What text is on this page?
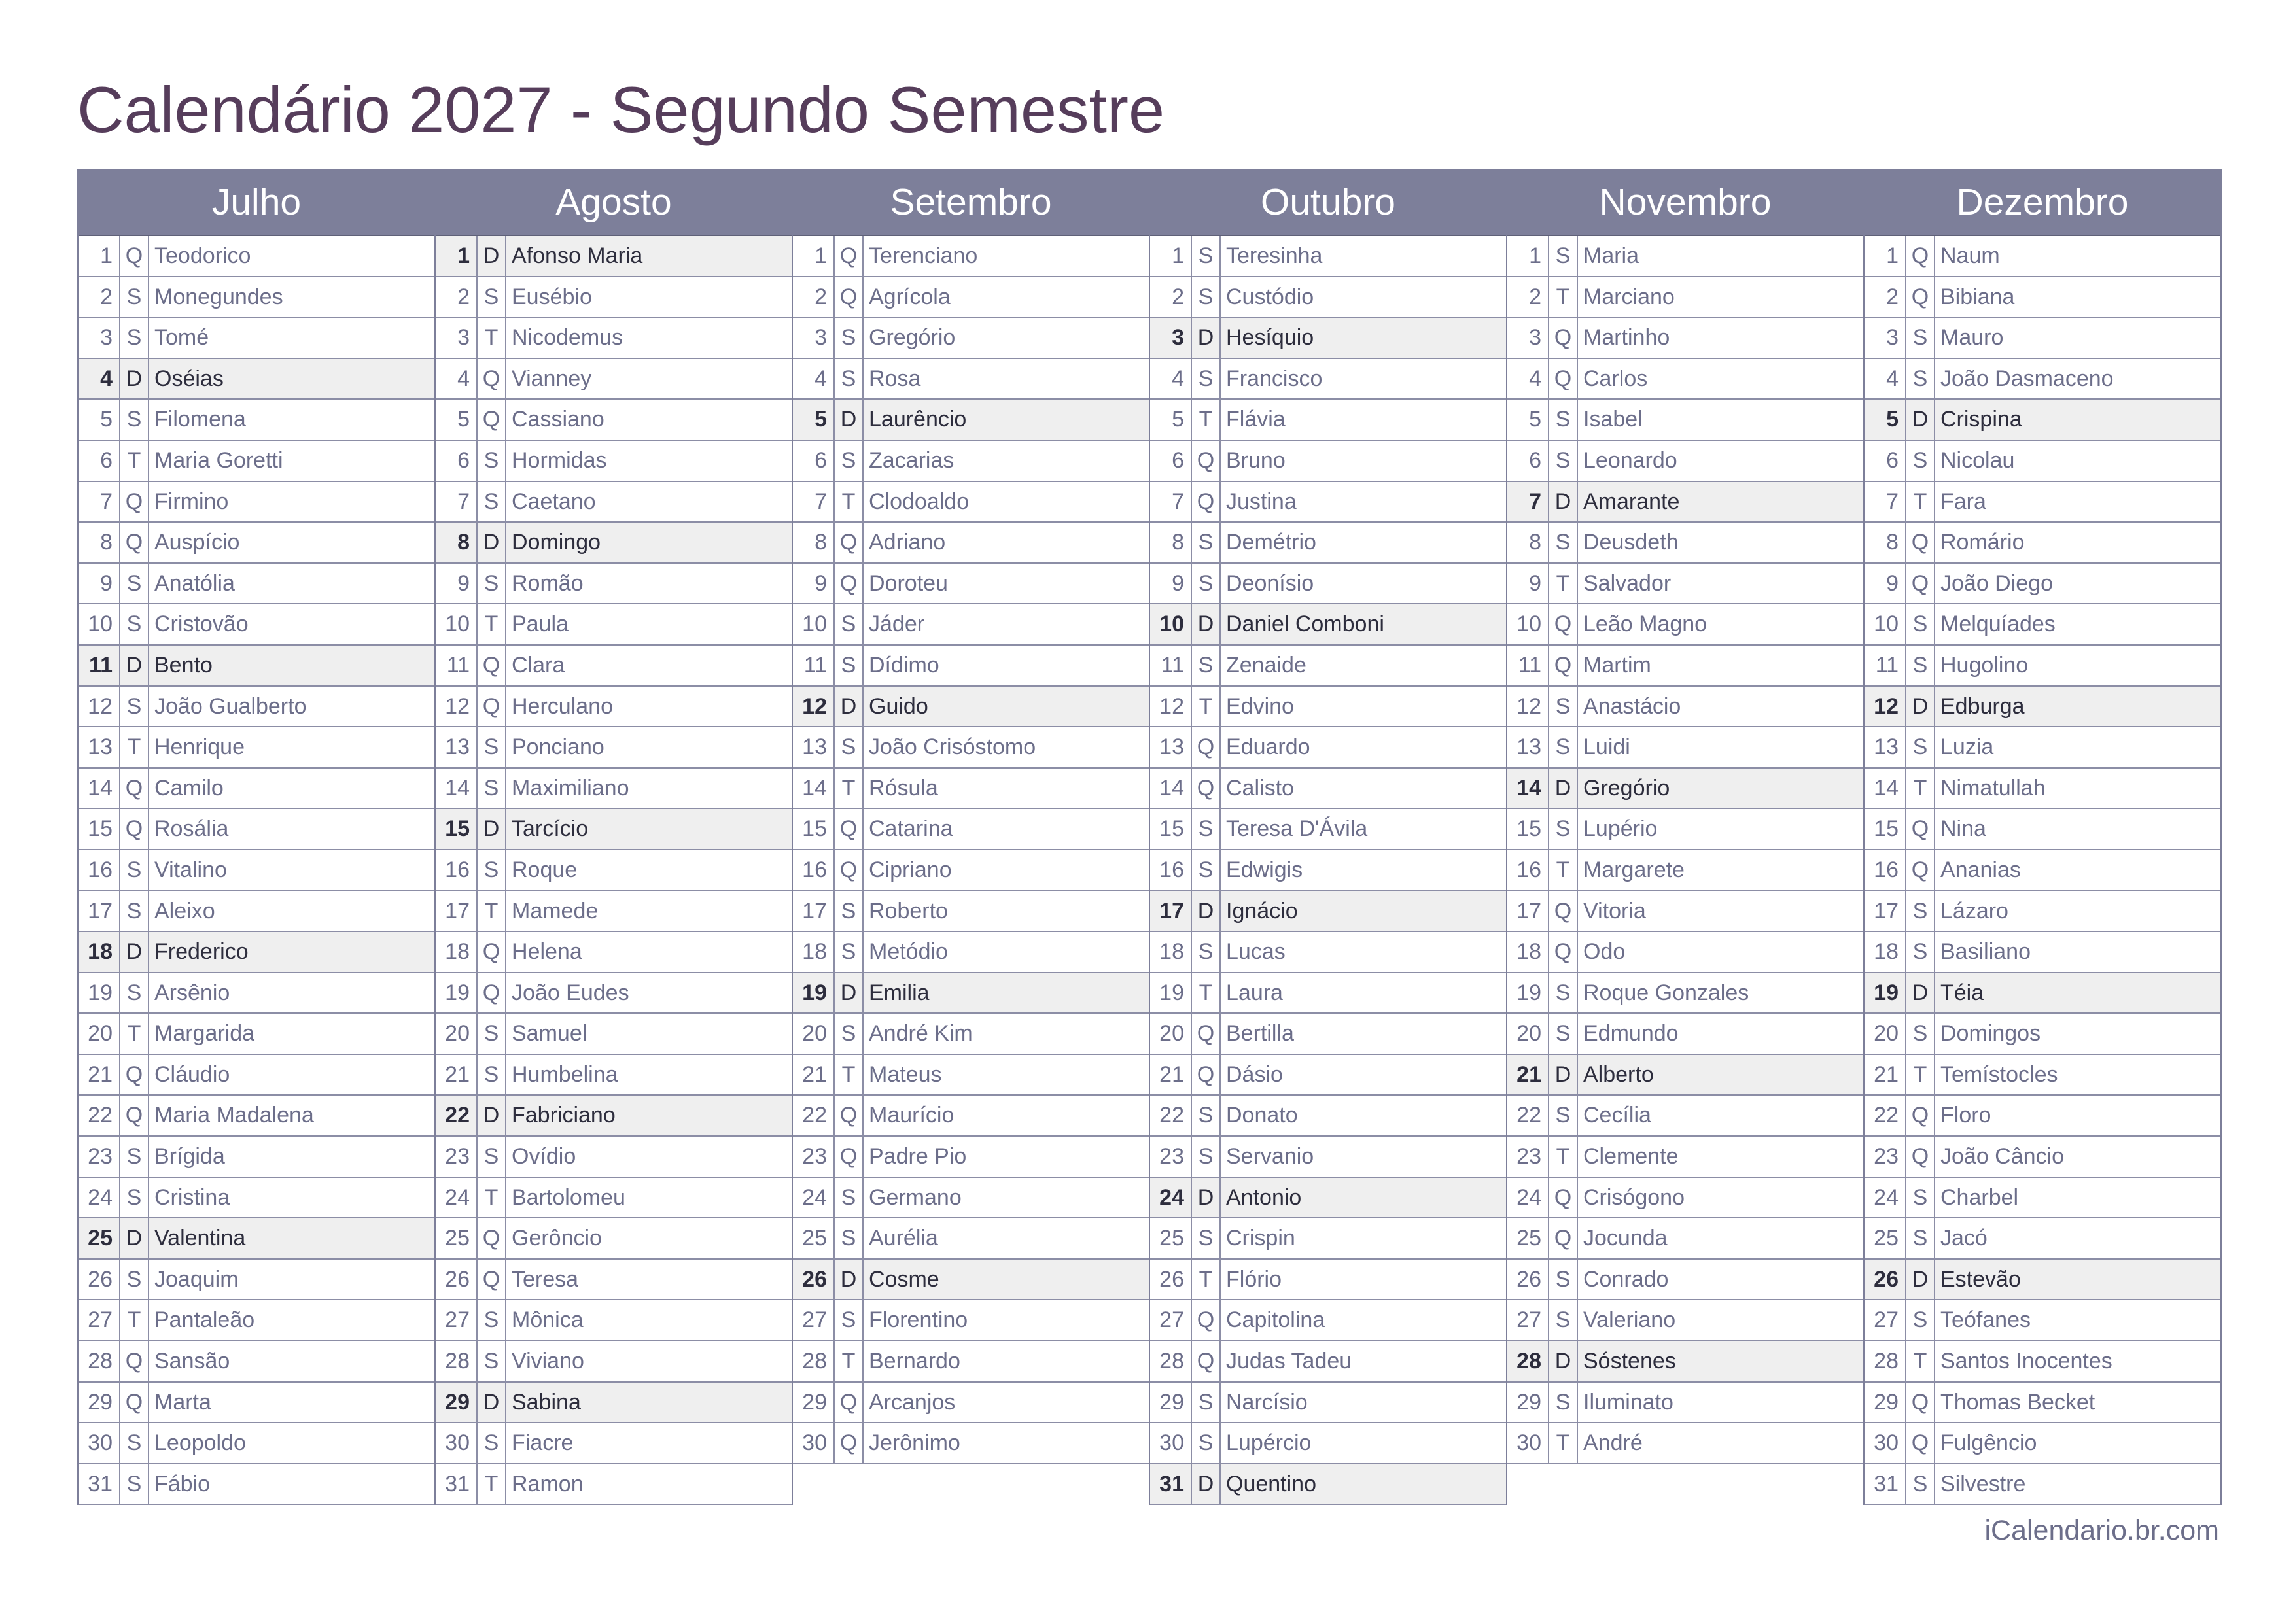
Calendário 2027 - Segundo Semestre
Julho
1 Q Teodorico
2 S Monegundes
3 S Tomé
4 D Oséias
5 S Filomena
6 T Maria Goretti
7 Q Firmino
8 Q Auspício
9 S Anatólia
10 S Cristovão
11 D Bento
12 S João Gualberto
13 T Henrique
14 Q Camilo
15 Q Rosália
16 S Vitalino
17 S Aleixo
18 D Frederico
19 S Arsênio
20 T Margarida
21 Q Cláudio
22 Q Maria Madalena
23 S Brígida
24 S Cristina
25 D Valentina
26 S Joaquim
27 T Pantaleão
28 Q Sansão
29 Q Marta
30 S Leopoldo
31 S Fábio
Agosto
1 D Afonso Maria
2 S Eusébio
3 T Nicodemus
4 Q Vianney
5 Q Cassiano
6 S Hormidas
7 S Caetano
8 D Domingo
9 S Romão
10 T Paula
11 Q Clara
12 Q Herculano
13 S Ponciano
14 S Maximiliano
15 D Tarcício
16 S Roque
17 T Mamede
18 Q Helena
19 Q João Eudes
20 S Samuel
21 S Humbelina
22 D Fabriciano
23 S Ovídio
24 T Bartolomeu
25 Q Gerôncio
26 Q Teresa
27 S Mônica
28 S Viviano
29 D Sabina
30 S Fiacre
31 T Ramon
Setembro
1 Q Terenciano
2 Q Agrícola
3 S Gregório
4 S Rosa
5 D Laurêncio
6 S Zacarias
7 T Clodoaldo
8 Q Adriano
9 Q Doroteu
10 S Jáder
11 S Dídimo
12 D Guido
13 S João Crisóstomo
14 T Rósula
15 Q Catarina
16 Q Cipriano
17 S Roberto
18 S Metódio
19 D Emilia
20 S André Kim
21 T Mateus
22 Q Maurício
23 Q Padre Pio
24 S Germano
25 S Aurélia
26 D Cosme
27 S Florentino
28 T Bernardo
29 Q Arcanjos
30 Q Jerônimo
Outubro
1 S Teresinha
2 S Custódio
3 D Hesíquio
4 S Francisco
5 T Flávia
6 Q Bruno
7 Q Justina
8 S Demétrio
9 S Deonísio
10 D Daniel Comboni
11 S Zenaide
12 T Edvino
13 Q Eduardo
14 Q Calisto
15 S Teresa D'Ávila
16 S Edwigis
17 D Ignácio
18 S Lucas
19 T Laura
20 Q Bertilla
21 Q Dásio
22 S Donato
23 S Servanio
24 D Antonio
25 S Crispin
26 T Flório
27 Q Capitolina
28 Q Judas Tadeu
29 S Narcísio
30 S Lupércio
31 D Quentino
Novembro
1 S Maria
2 T Marciano
3 Q Martinho
4 Q Carlos
5 S Isabel
6 S Leonardo
7 D Amarante
8 S Deusdeth
9 T Salvador
10 Q Leão Magno
11 Q Martim
12 S Anastácio
13 S Luidi
14 D Gregório
15 S Lupério
16 T Margarete
17 Q Vitoria
18 Q Odo
19 S Roque Gonzales
20 S Edmundo
21 D Alberto
22 S Cecília
23 T Clemente
24 Q Crisógono
25 Q Jocunda
26 S Conrado
27 S Valeriano
28 D Sóstenes
29 S Iluminato
30 T André
Dezembro
1 Q Naum
2 Q Bibiana
3 S Mauro
4 S João Dasmaceno
5 D Crispina
6 S Nicolau
7 T Fara
8 Q Romário
9 Q João Diego
10 S Melquíades
11 S Hugolino
12 D Edburga
13 S Luzia
14 T Nimatullah
15 Q Nina
16 Q Ananias
17 S Lázaro
18 S Basiliano
19 D Téia
20 S Domingos
21 T Temístocles
22 Q Floro
23 Q João Câncio
24 S Charbel
25 S Jacó
26 D Estevão
27 S Teófanes
28 T Santos Inocentes
29 Q Thomas Becket
30 Q Fulgêncio
31 S Silvestre
iCalendario.br.com
